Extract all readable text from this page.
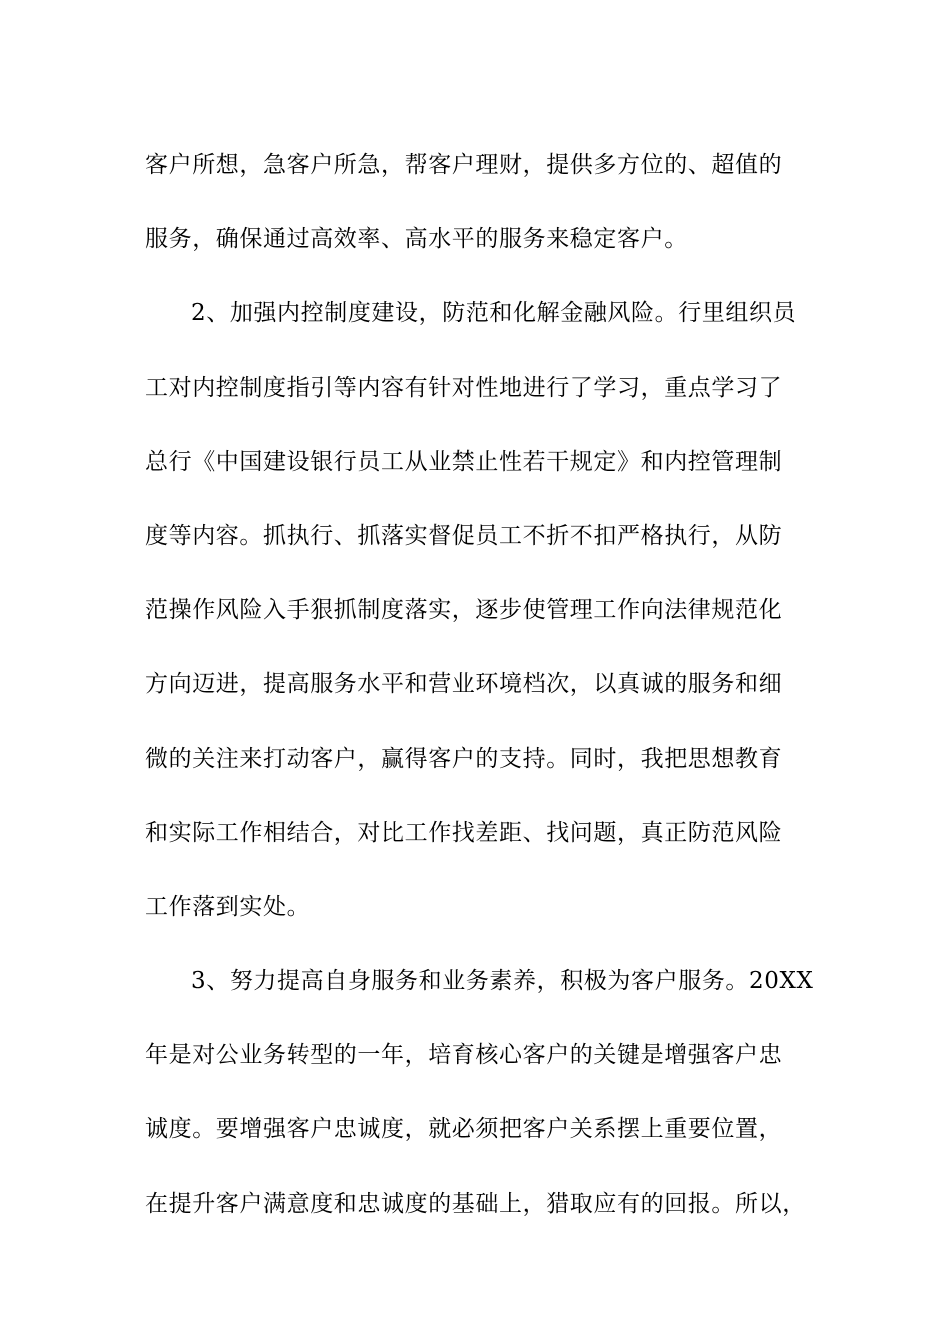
客户所想，急客户所急，帮客户理财，提供多方位的、超值的
服务，确保通过高效率、高水平的服务来稳定客户。
2、加强内控制度建设，防范和化解金融风险。行里组织员
工对内控制度指引等内容有针对性地进行了学习，重点学习了
总行《中国建设银行员工从业禁止性若干规定》和内控管理制
度等内容。抓执行、抓落实督促员工不折不扣严格执行，从防
范操作风险入手狠抓制度落实，逐步使管理工作向法律规范化
方向迈进，提高服务水平和营业环境档次，以真诚的服务和细
微的关注来打动客户，赢得客户的支持。同时，我把思想教育
和实际工作相结合，对比工作找差距、找问题，真正防范风险
工作落到实处。
3、努力提高自身服务和业务素养，积极为客户服务。20XX
年是对公业务转型的一年，培育核心客户的关键是增强客户忠
诚度。要增强客户忠诚度，就必须把客户关系摆上重要位置，
在提升客户满意度和忠诚度的基础上，猎取应有的回报。所以，
